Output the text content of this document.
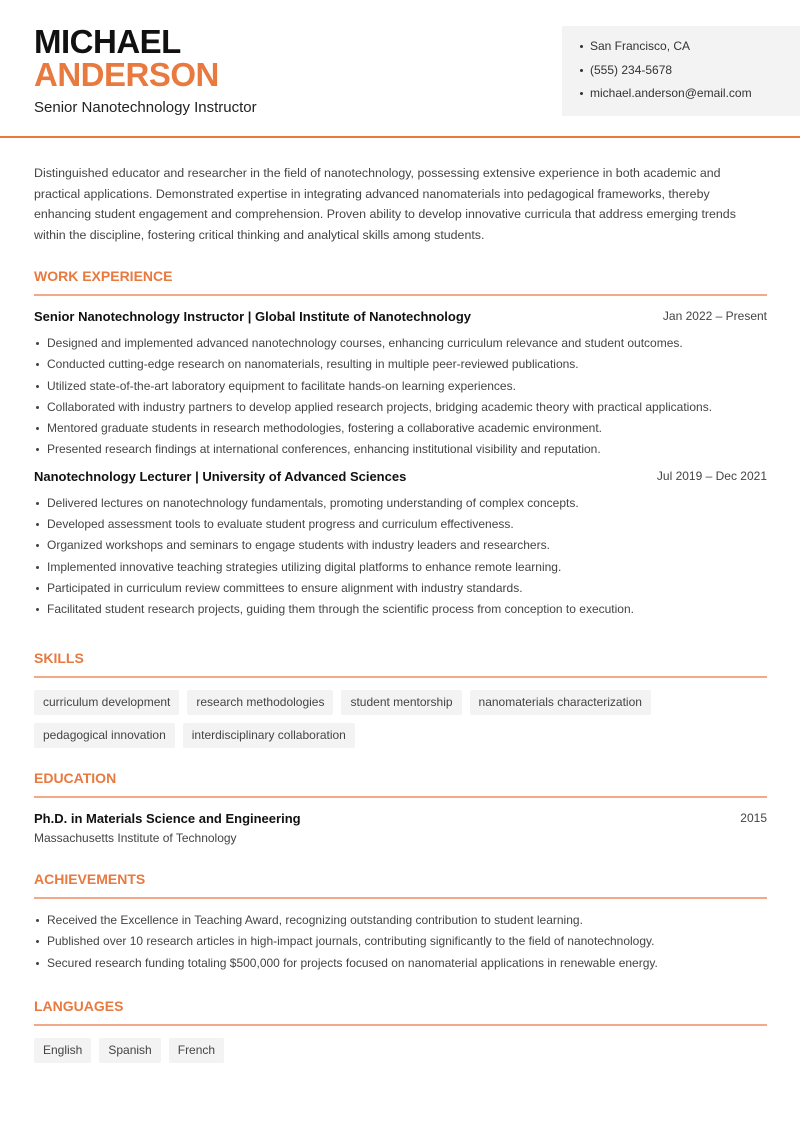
MICHAEL
ANDERSON
Senior Nanotechnology Instructor
San Francisco, CA
(555) 234-5678
michael.anderson@email.com

Distinguished educator and researcher in the field of nanotechnology, possessing extensive experience in both academic and practical applications. Demonstrated expertise in integrating advanced nanomaterials into pedagogical frameworks, thereby enhancing student engagement and comprehension. Proven ability to develop innovative curricula that address emerging trends within the discipline, fostering critical thinking and analytical skills among students.

WORK EXPERIENCE
Senior Nanotechnology Instructor | Global Institute of Nanotechnology	Jan 2022 – Present
Designed and implemented advanced nanotechnology courses, enhancing curriculum relevance and student outcomes.
Conducted cutting-edge research on nanomaterials, resulting in multiple peer-reviewed publications.
Utilized state-of-the-art laboratory equipment to facilitate hands-on learning experiences.
Collaborated with industry partners to develop applied research projects, bridging academic theory with practical applications.
Mentored graduate students in research methodologies, fostering a collaborative academic environment.
Presented research findings at international conferences, enhancing institutional visibility and reputation.
Nanotechnology Lecturer | University of Advanced Sciences	Jul 2019 – Dec 2021
Delivered lectures on nanotechnology fundamentals, promoting understanding of complex concepts.
Developed assessment tools to evaluate student progress and curriculum effectiveness.
Organized workshops and seminars to engage students with industry leaders and researchers.
Implemented innovative teaching strategies utilizing digital platforms to enhance remote learning.
Participated in curriculum review committees to ensure alignment with industry standards.
Facilitated student research projects, guiding them through the scientific process from conception to execution.
SKILLS
curriculum development	research methodologies	student mentorship	nanomaterials characterization
pedagogical innovation	interdisciplinary collaboration
EDUCATION
Ph.D. in Materials Science and Engineering	2015
Massachusetts Institute of Technology
ACHIEVEMENTS
Received the Excellence in Teaching Award, recognizing outstanding contribution to student learning.
Published over 10 research articles in high-impact journals, contributing significantly to the field of nanotechnology.
Secured research funding totaling $500,000 for projects focused on nanomaterial applications in renewable energy.
LANGUAGES
English	Spanish	French
